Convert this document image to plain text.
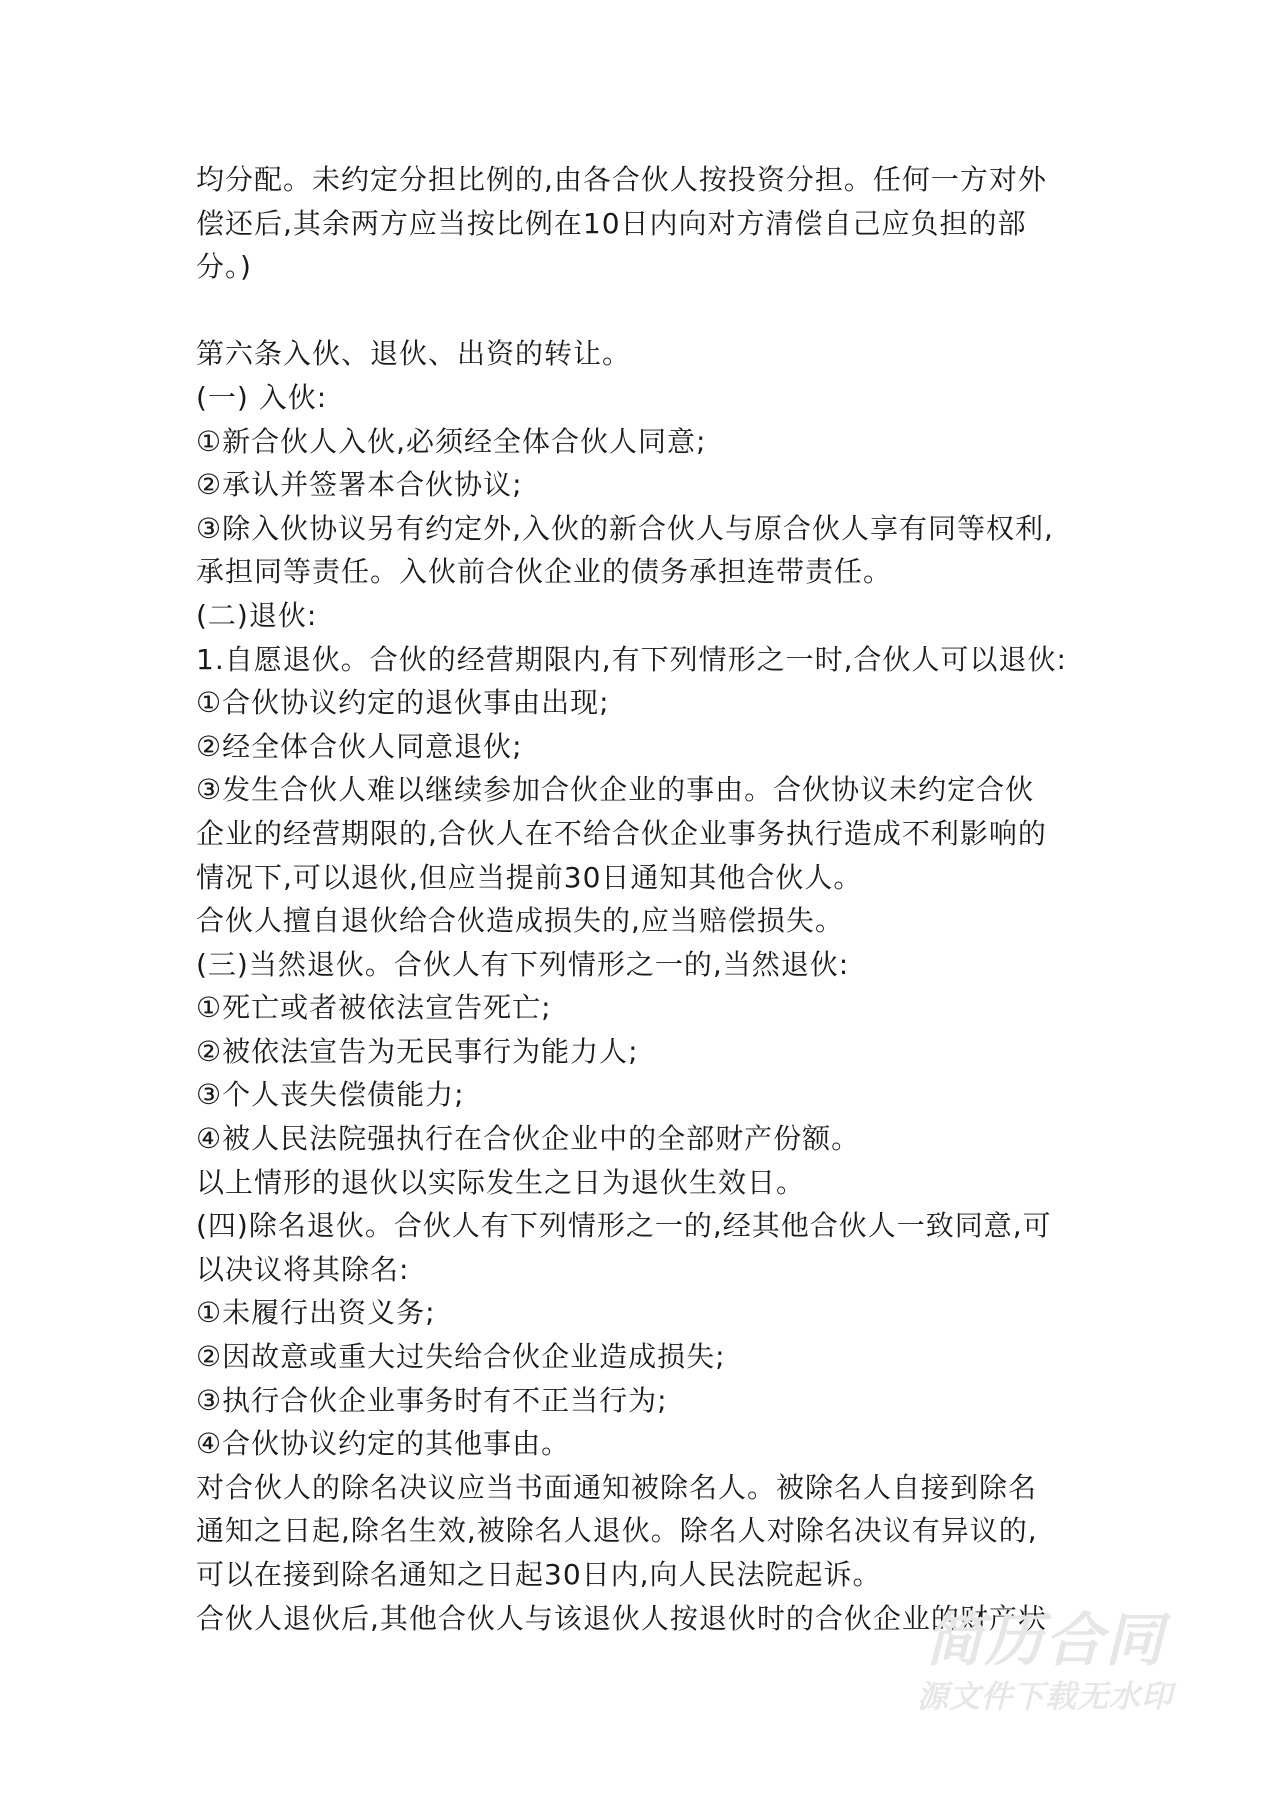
均分配。未约定分担比例的,由各合伙人按投资分担。任何一方对外
偿还后,其余两方应当按比例在10日内向对方清偿自己应负担的部
分。)
第六条入伙、退伙、出资的转让。
(一) 入伙:
①新合伙人入伙,必须经全体合伙人同意;
②承认并签署本合伙协议;
③除入伙协议另有约定外,入伙的新合伙人与原合伙人享有同等权利,
承担同等责任。入伙前合伙企业的债务承担连带责任。
(二)退伙:
1.自愿退伙。合伙的经营期限内,有下列情形之一时,合伙人可以退伙:
①合伙协议约定的退伙事由出现;
②经全体合伙人同意退伙;
③发生合伙人难以继续参加合伙企业的事由。合伙协议未约定合伙
企业的经营期限的,合伙人在不给合伙企业事务执行造成不利影响的
情况下,可以退伙,但应当提前30日通知其他合伙人。
合伙人擅自退伙给合伙造成损失的,应当赔偿损失。
(三)当然退伙。合伙人有下列情形之一的,当然退伙:
①死亡或者被依法宣告死亡;
②被依法宣告为无民事行为能力人;
③个人丧失偿债能力;
④被人民法院强执行在合伙企业中的全部财产份额。
以上情形的退伙以实际发生之日为退伙生效日。
(四)除名退伙。合伙人有下列情形之一的,经其他合伙人一致同意,可
以决议将其除名:
①未履行出资义务;
②因故意或重大过失给合伙企业造成损失;
③执行合伙企业事务时有不正当行为;
④合伙协议约定的其他事由。
对合伙人的除名决议应当书面通知被除名人。被除名人自接到除名
通知之日起,除名生效,被除名人退伙。除名人对除名决议有异议的,
可以在接到除名通知之日起30日内,向人民法院起诉。
合伙人退伙后,其他合伙人与该退伙人按退伙时的合伙企业的财产状
简历合同
源文件下载无水印
